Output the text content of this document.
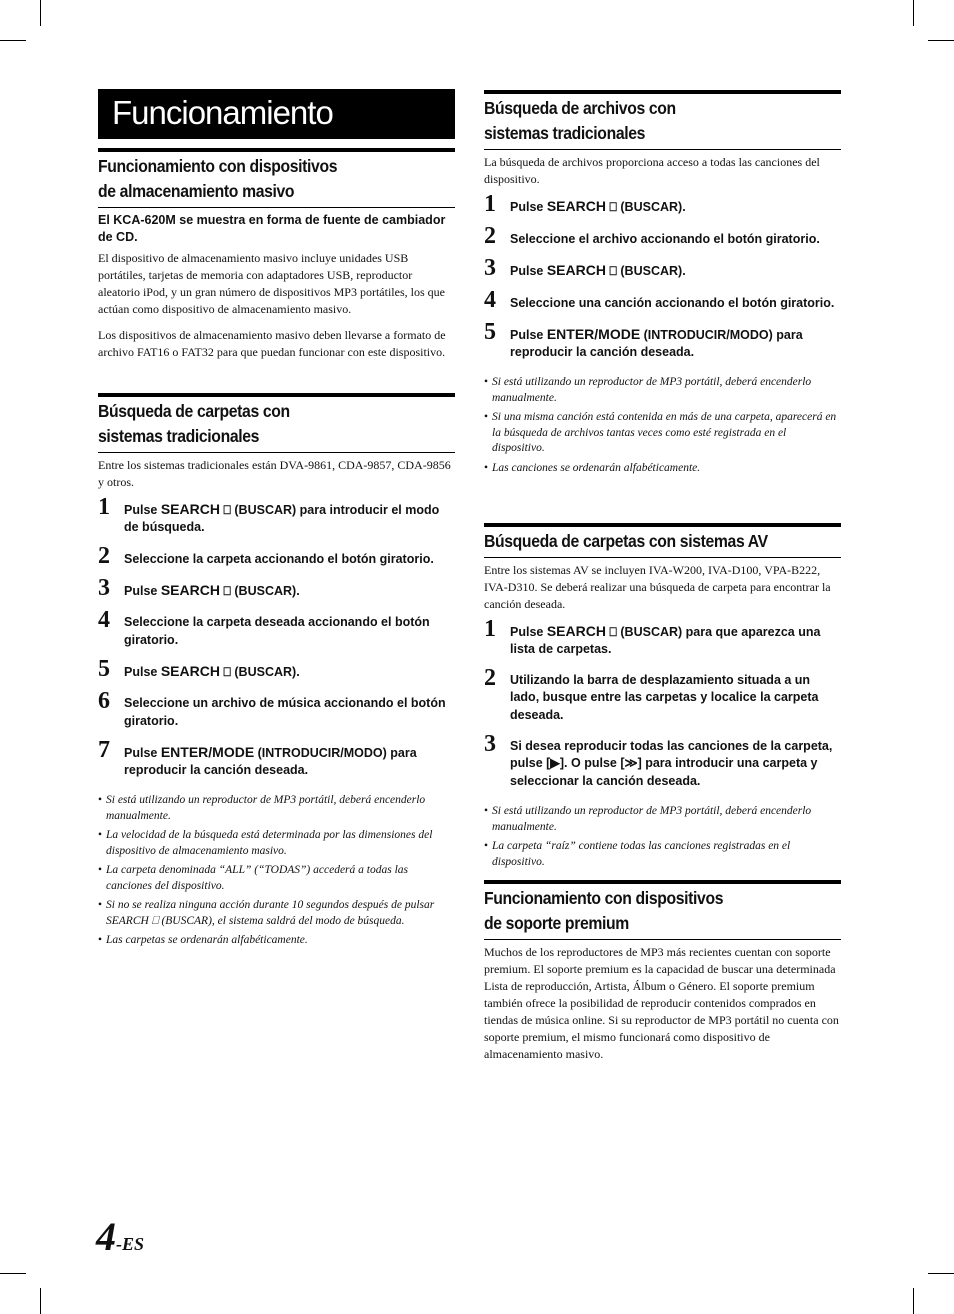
Funcionamiento
Funcionamiento con dispositivos
de almacenamiento masivo

El KCA-620M se muestra en forma de fuente de cambiador de CD.

El dispositivo de almacenamiento masivo incluye unidades USB portátiles, tarjetas de memoria con adaptadores USB, reproductor aleatorio iPod, y un gran número de dispositivos MP3 portátiles, los que actúan como dispositivo de almacenamiento masivo.

Los dispositivos de almacenamiento masivo deben llevarse a formato de archivo FAT16 o FAT32 para que puedan funcionar con este dispositivo.

Búsqueda de carpetas con
sistemas tradicionales

Entre los sistemas tradicionales están DVA-9861, CDA-9857, CDA-9856 y otros.

1 Pulse SEARCH ⎕ (BUSCAR) para introducir el modo de búsqueda.
2 Seleccione la carpeta accionando el botón giratorio.
3 Pulse SEARCH ⎕ (BUSCAR).
4 Seleccione la carpeta deseada accionando el botón giratorio.
5 Pulse SEARCH ⎕ (BUSCAR).
6 Seleccione un archivo de música accionando el botón giratorio.
7 Pulse ENTER/MODE (INTRODUCIR/MODO) para reproducir la canción deseada.
• Si está utilizando un reproductor de MP3 portátil, deberá encenderlo manualmente.
• La velocidad de la búsqueda está determinada por las dimensiones del dispositivo de almacenamiento masivo.
• La carpeta denominada “ALL” (“TODAS”) accederá a todas las canciones del dispositivo.
• Si no se realiza ninguna acción durante 10 segundos después de pulsar SEARCH ⎕ (BUSCAR), el sistema saldrá del modo de búsqueda.
• Las carpetas se ordenarán alfabéticamente.
Búsqueda de archivos con
sistemas tradicionales

La búsqueda de archivos proporciona acceso a todas las canciones del dispositivo.

1 Pulse SEARCH ⎕ (BUSCAR).
2 Seleccione el archivo accionando el botón giratorio.
3 Pulse SEARCH ⎕ (BUSCAR).
4 Seleccione una canción accionando el botón giratorio.
5 Pulse ENTER/MODE (INTRODUCIR/MODO) para reproducir la canción deseada.
• Si está utilizando un reproductor de MP3 portátil, deberá encenderlo manualmente.
• Si una misma canción está contenida en más de una carpeta, aparecerá en la búsqueda de archivos tantas veces como esté registrada en el dispositivo.
• Las canciones se ordenarán alfabéticamente.
Búsqueda de carpetas con sistemas AV

Entre los sistemas AV se incluyen IVA-W200, IVA-D100, VPA-B222, IVA-D310. Se deberá realizar una búsqueda de carpeta para encontrar la canción deseada.

1 Pulse SEARCH ⎕ (BUSCAR) para que aparezca una lista de carpetas.
2 Utilizando la barra de desplazamiento situada a un lado, busque entre las carpetas y localice la carpeta deseada.
3 Si desea reproducir todas las canciones de la carpeta, pulse [▶]. O pulse [≫] para introducir una carpeta y seleccionar la canción deseada.
• Si está utilizando un reproductor de MP3 portátil, deberá encenderlo manualmente.
• La carpeta “raíz” contiene todas las canciones registradas en el dispositivo.
Funcionamiento con dispositivos
de soporte premium

Muchos de los reproductores de MP3 más recientes cuentan con soporte premium. El soporte premium es la capacidad de buscar una determinada Lista de reproducción, Artista, Álbum o Género. El soporte premium también ofrece la posibilidad de reproducir contenidos comprados en tiendas de música online. Si su reproductor de MP3 portátil no cuenta con soporte premium, el mismo funcionará como dispositivo de almacenamiento masivo.

4-ES
